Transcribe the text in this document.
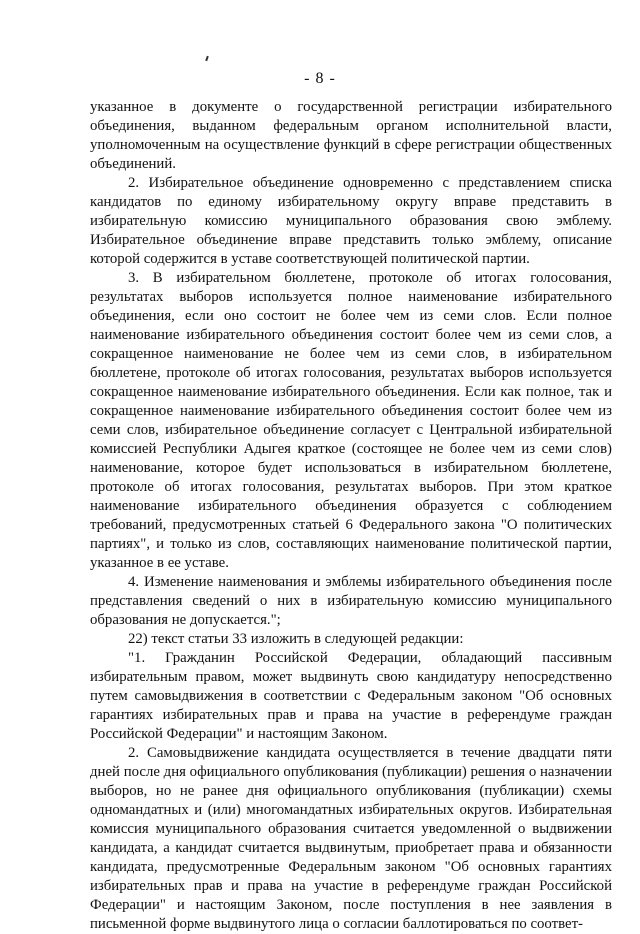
- 8 -

указанное в документе о государственной регистрации избирательного объединения, выданном федеральным органом исполнительной власти, уполномоченным на осуществление функций в сфере регистрации общественных объединений.

2. Избирательное объединение одновременно с представлением списка кандидатов по единому избирательному округу вправе представить в избирательную комиссию муниципального образования свою эмблему. Избирательное объединение вправе представить только эмблему, описание которой содержится в уставе соответствующей политической партии.

3. В избирательном бюллетене, протоколе об итогах голосования, результатах выборов используется полное наименование избирательного объединения, если оно состоит не более чем из семи слов. Если полное наименование избирательного объединения состоит более чем из семи слов, а сокращенное наименование не более чем из семи слов, в избирательном бюллетене, протоколе об итогах голосования, результатах выборов используется сокращенное наименование избирательного объединения. Если как полное, так и сокращенное наименование избирательного объединения состоит более чем из семи слов, избирательное объединение согласует с Центральной избирательной комиссией Республики Адыгея краткое (состоящее не более чем из семи слов) наименование, которое будет использоваться в избирательном бюллетене, протоколе об итогах голосования, результатах выборов. При этом краткое наименование избирательного объединения образуется с соблюдением требований, предусмотренных статьей 6 Федерального закона "О политических партиях", и только из слов, составляющих наименование политической партии, указанное в ее уставе.

4. Изменение наименования и эмблемы избирательного объединения после представления сведений о них в избирательную комиссию муниципального образования не допускается.";

22) текст статьи 33 изложить в следующей редакции:

"1. Гражданин Российской Федерации, обладающий пассивным избирательным правом, может выдвинуть свою кандидатуру непосредственно путем самовыдвижения в соответствии с Федеральным законом "Об основных гарантиях избирательных прав и права на участие в референдуме граждан Российской Федерации" и настоящим Законом.

2. Самовыдвижение кандидата осуществляется в течение двадцати пяти дней после дня официального опубликования (публикации) решения о назначении выборов, но не ранее дня официального опубликования (публикации) схемы одномандатных и (или) многомандатных избирательных округов. Избирательная комиссия муниципального образования считается уведомленной о выдвижении кандидата, а кандидат считается выдвинутым, приобретает права и обязанности кандидата, предусмотренные Федеральным законом "Об основных гарантиях избирательных прав и права на участие в референдуме граждан Российской Федерации" и настоящим Законом, после поступления в нее заявления в письменной форме выдвинутого лица о согласии баллотироваться по соответ-
